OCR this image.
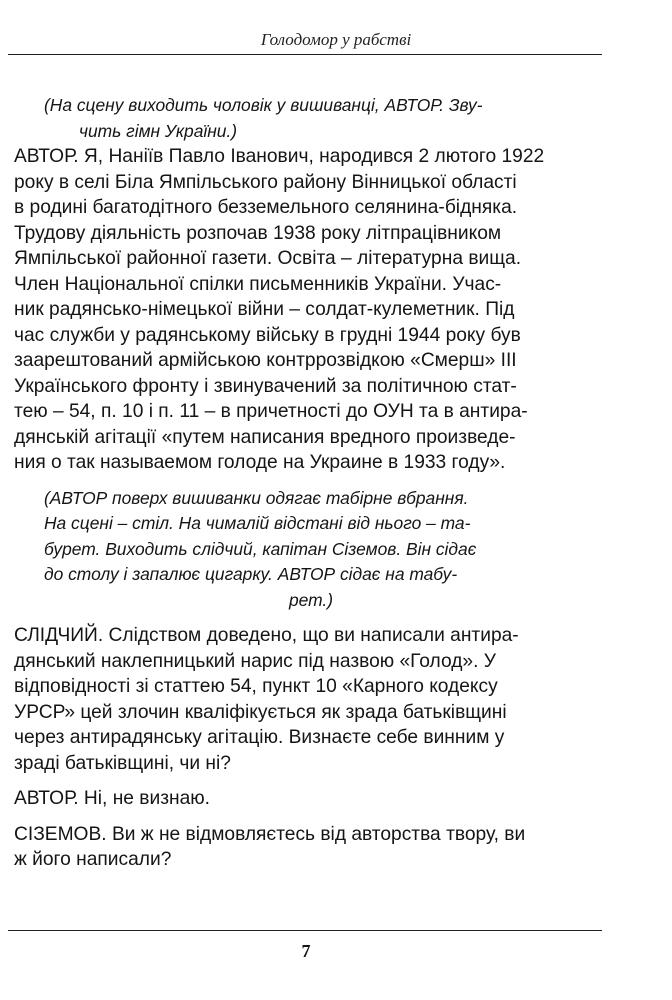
Голодомор у рабстві
(На сцену виходить чоловік у вишиванці, АВТОР. Зву-
чить гімн України.)
АВТОР. Я, Наніїв Павло Іванович, народився 2 лютого 1922
року в селі Біла Ямпільського району Вінницької області
в родині багатодітного безземельного селянина-бідняка.
Трудову діяльність розпочав 1938 року літпрацівником
Ямпільської районної газети. Освіта – літературна вища.
Член Національної спілки письменників України. Учас-
ник радянсько-німецької війни – солдат-кулеметник. Під
час служби у радянському війську в грудні 1944 року був
заарештований армійською контррозвідкою «Смерш» ІІІ
Українського фронту і звинувачений за політичною стат-
тею – 54, п. 10 і п. 11 – в причетності до ОУН та в антира-
дянській агітації «путем написания вредного произведе-
ния о так называемом голоде на Украине в 1933 году».
(АВТОР поверх вишиванки одягає табірне вбрання.
На сцені – стіл. На чималій відстані від нього – та-
бурет. Виходить слідчий, капітан Сіземов. Він сідає
до столу і запалює цигарку. АВТОР сідає на табу-
рет.)
СЛІДЧИЙ. Слідством доведено, що ви написали антира-
дянський наклепницький нарис під назвою «Голод». У
відповідності зі статтею 54, пункт 10 «Карного кодексу
УРСР» цей злочин кваліфікується як зрада батьківщині
через антирадянську агітацію. Визнаєте себе винним у
зраді батьківщині, чи ні?
АВТОР. Ні, не визнаю.
СІЗЕМОВ. Ви ж не відмовляєтесь від авторства твору, ви
ж його написали?
7
